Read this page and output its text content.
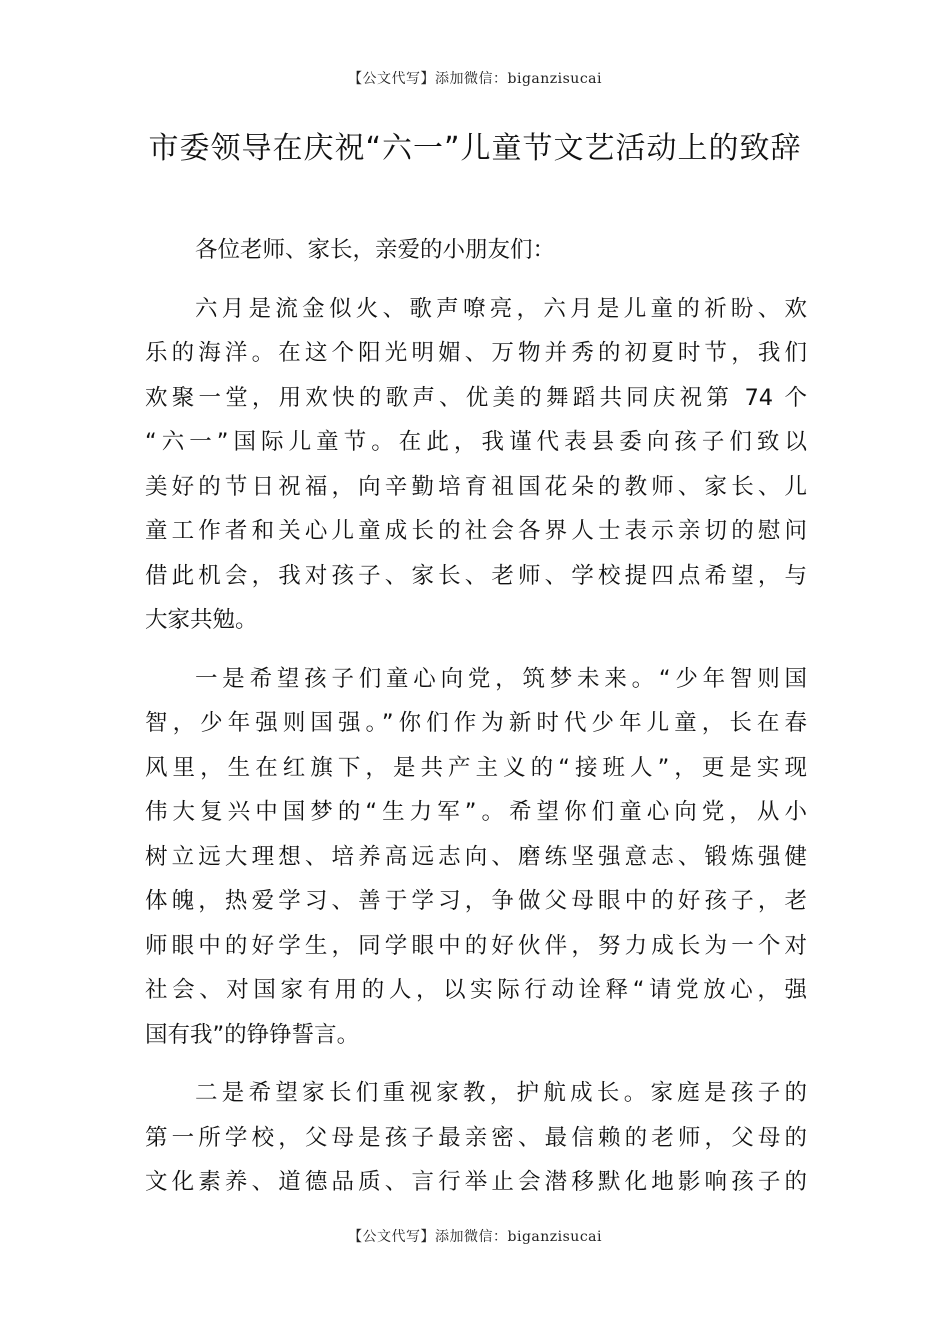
【公文代写】添加微信：biganzisucai
市委领导在庆祝“六一”儿童节文艺活动上的致辞

各位老师、家长，亲爱的小朋友们：

六月是流金似火、歌声嘹亮，六月是儿童的祈盼、欢
乐的海洋。在这个阳光明媚、万物并秀的初夏时节，我们
欢聚一堂，用欢快的歌声、优美的舞蹈共同庆祝第 74 个
“六一”国际儿童节。在此，我谨代表县委向孩子们致以
美好的节日祝福，向辛勤培育祖国花朵的教师、家长、儿
童工作者和关心儿童成长的社会各界人士表示亲切的慰问
借此机会，我对孩子、家长、老师、学校提四点希望，与
大家共勉。
一是希望孩子们童心向党，筑梦未来。“少年智则国
智，少年强则国强。”你们作为新时代少年儿童，长在春
风里，生在红旗下，是共产主义的“接班人”，更是实现
伟大复兴中国梦的“生力军”。希望你们童心向党，从小
树立远大理想、培养高远志向、磨练坚强意志、锻炼强健
体魄，热爱学习、善于学习，争做父母眼中的好孩子，老
师眼中的好学生，同学眼中的好伙伴，努力成长为一个对
社会、对国家有用的人，以实际行动诠释“请党放心，强
国有我”的铮铮誓言。
二是希望家长们重视家教，护航成长。家庭是孩子的
第一所学校，父母是孩子最亲密、最信赖的老师，父母的
文化素养、道德品质、言行举止会潜移默化地影响孩子的
【公文代写】添加微信：biganzisucai
